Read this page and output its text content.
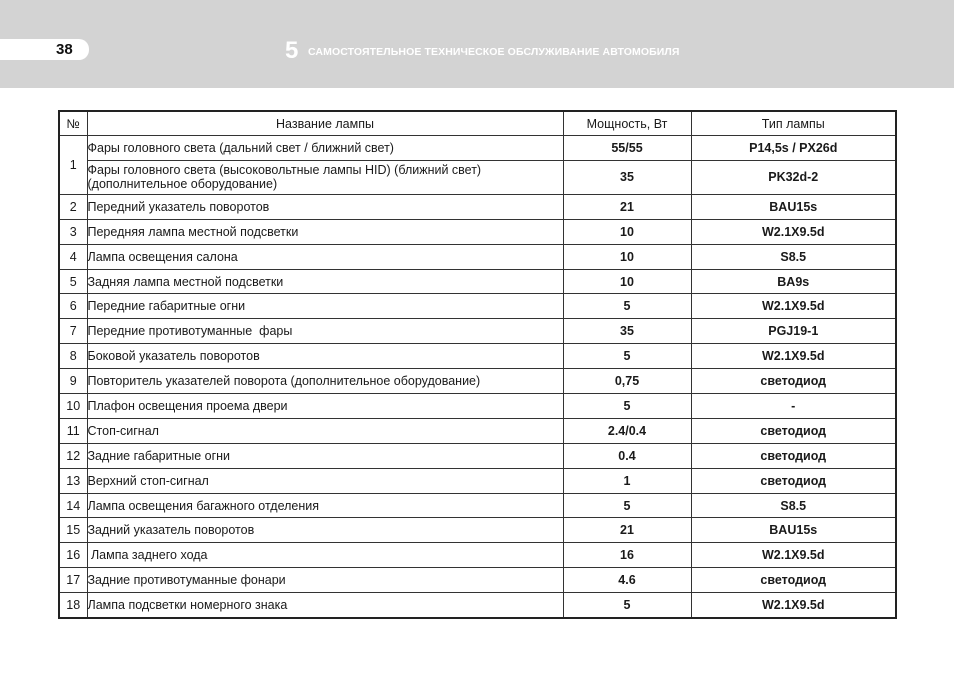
38	5 САМОСТОЯТЕЛЬНОЕ ТЕХНИЧЕСКОЕ ОБСЛУЖИВАНИЕ АВТОМОБИЛЯ
№	Название лампы	Мощность, Вт	Тип лампы
1	Фары головного света (дальний свет / ближний свет)	55/55	P14,5s / PX26d
	Фары головного света (высоковольтные лампы HID) (ближний свет) (дополнительное оборудование)	35	PK32d-2
2	Передний указатель поворотов	21	BAU15s
3	Передняя лампа местной подсветки	10	W2.1X9.5d
4	Лампа освещения салона	10	S8.5
5	Задняя лампа местной подсветки	10	BA9s
6	Передние габаритные огни	5	W2.1X9.5d
7	Передние противотуманные  фары	35	PGJ19-1
8	Боковой указатель поворотов	5	W2.1X9.5d
9	Повторитель указателей поворота (дополнительное оборудование)	0,75	светодиод
10	Плафон освещения проема двери	5	-
11	Стоп-сигнал	2.4/0.4	светодиод
12	Задние габаритные огни	0.4	светодиод
13	Верхний стоп-сигнал	1	светодиод
14	Лампа освещения багажного отделения	5	S8.5
15	Задний указатель поворотов	21	BAU15s
16	Лампа заднего хода	16	W2.1X9.5d
17	Задние противотуманные фонари	4.6	светодиод
18	Лампа подсветки номерного знака	5	W2.1X9.5d
